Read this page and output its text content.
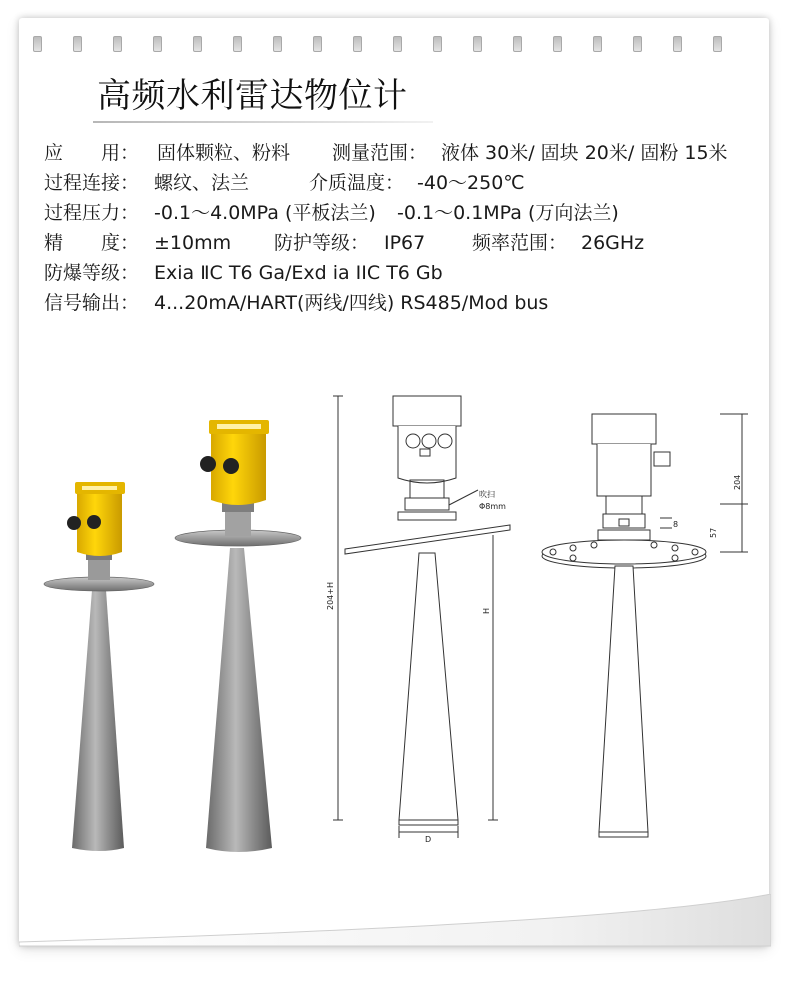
高频水利雷达物位计
应　　用： 固体颗粒、粉料 测量范围： 液体 30米/ 固块 20米/ 固粉 15米
过程连接： 螺纹、法兰	介质温度： -40～250℃
过程压力： -0.1～4.0MPa (平板法兰) -0.1～0.1MPa (万向法兰)
精　　度： ±10mm 防护等级： IP67 频率范围： 26GHz
防爆等级： Exia ⅡC T6 Ga/Exd ia IIC T6 Gb
信号输出： 4...20mA/HART(两线/四线) RS485/Mod bus
吹扫
Φ8mm
204+H
H
D
204
57
8
